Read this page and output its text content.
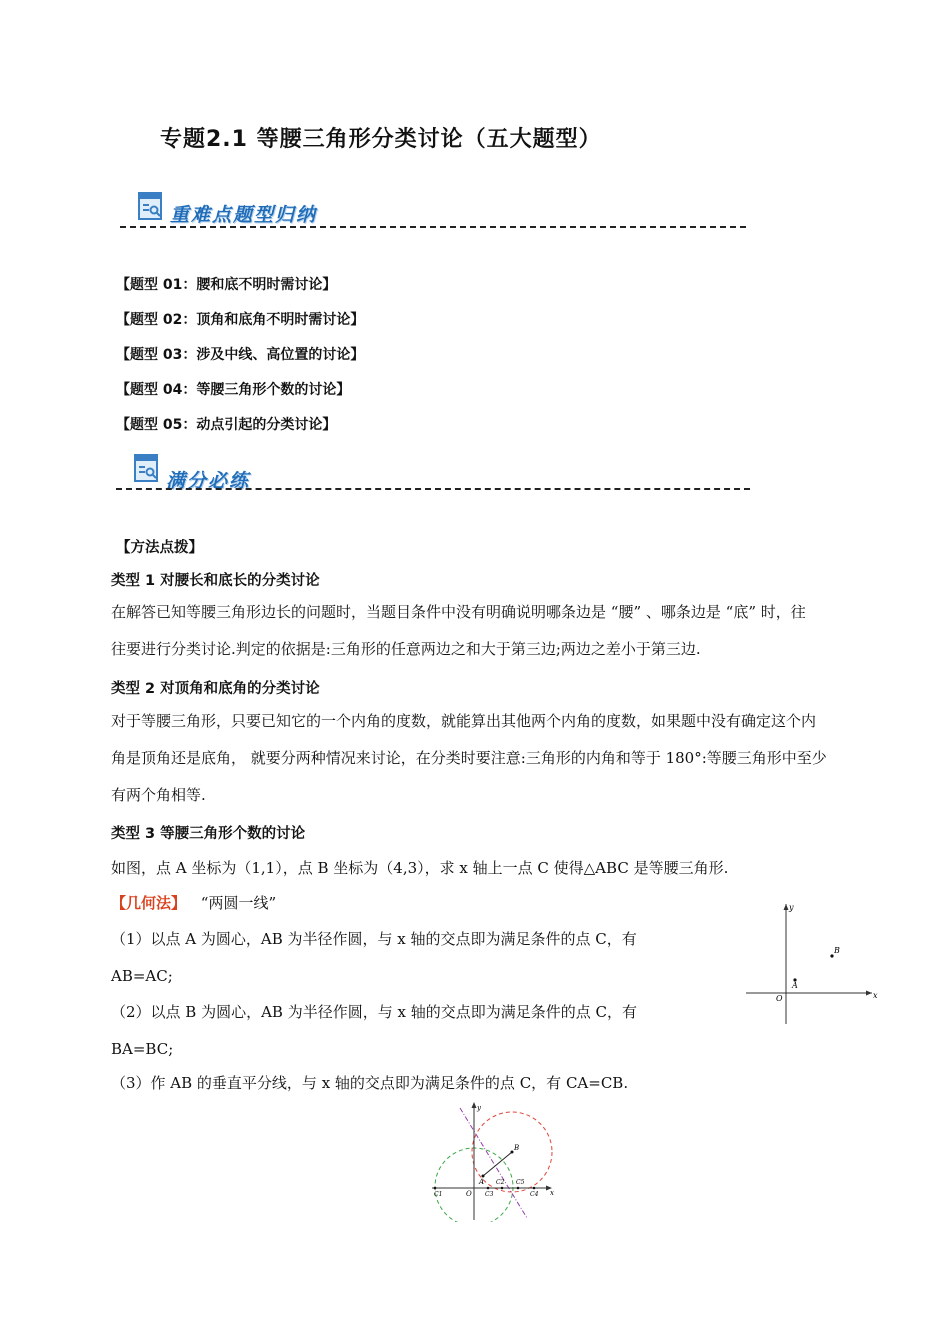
专题2.1 等腰三角形分类讨论（五大题型）
重难点题型归纳
【题型 01：腰和底不明时需讨论】
【题型 02：顶角和底角不明时需讨论】
【题型 03：涉及中线、高位置的讨论】
【题型 04：等腰三角形个数的讨论】
【题型 05：动点引起的分类讨论】
满分必练
【方法点拨】
类型 1 对腰长和底长的分类讨论
在解答已知等腰三角形边长的问题时，当题目条件中没有明确说明哪条边是 “腰” 、哪条边是 “底” 时，往
往要进行分类讨论.判定的依据是:三角形的任意两边之和大于第三边;两边之差小于第三边.
类型 2 对顶角和底角的分类讨论
对于等腰三角形，只要已知它的一个内角的度数，就能算出其他两个内角的度数，如果题中没有确定这个内
角是顶角还是底角， 就要分两种情况来讨论，在分类时要注意:三角形的内角和等于 180°:等腰三角形中至少
有两个角相等.
类型 3 等腰三角形个数的讨论
如图，点 A 坐标为（1,1），点 B 坐标为（4,3），求 x 轴上一点 C 使得△ABC 是等腰三角形.
【几何法】 “两圆一线”
（1）以点 A 为圆心，AB 为半径作圆，与 x 轴的交点即为满足条件的点 C，有
AB=AC;
（2）以点 B 为圆心，AB 为半径作圆，与 x 轴的交点即为满足条件的点 C，有
BA=BC;
（3）作 AB 的垂直平分线，与 x 轴的交点即为满足条件的点 C，有 CA=CB.
x
y
O
A
B
x
y
O
A
B
C1
C2
C3	C4
C5
